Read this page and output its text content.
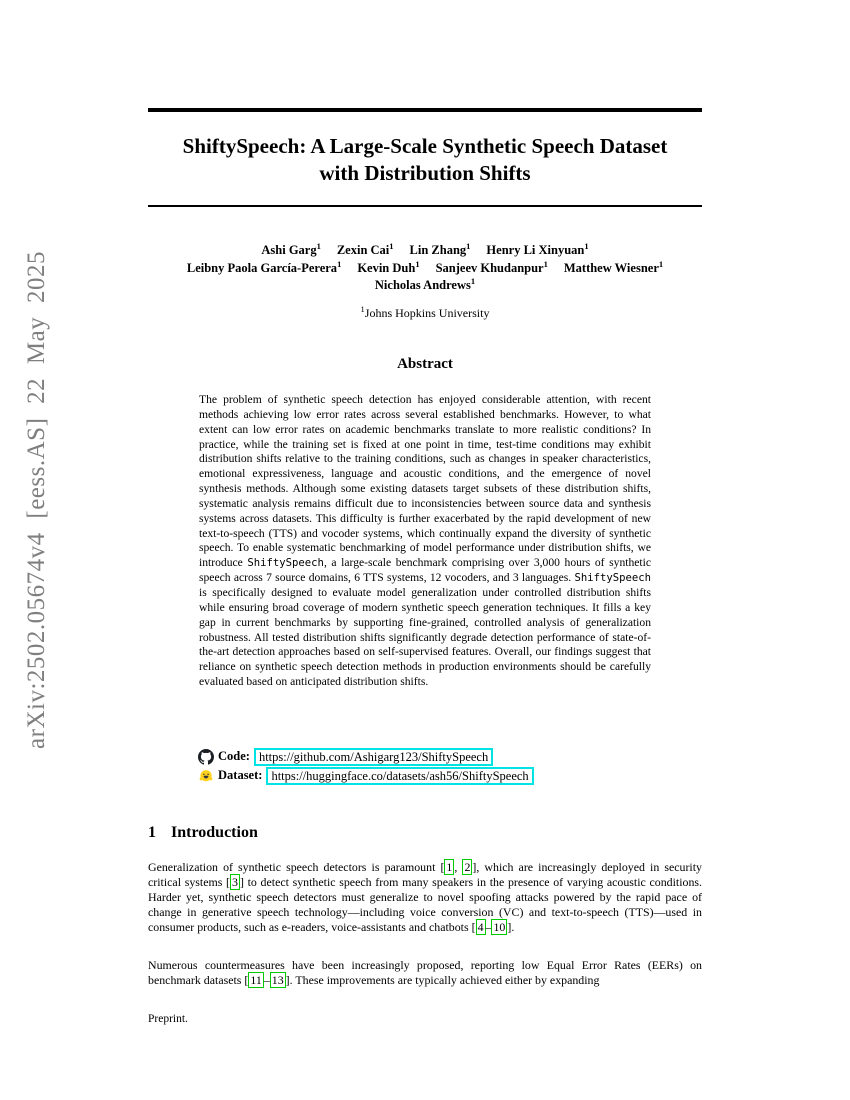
arXiv:2502.05674v4 [eess.AS] 22 May 2025
ShiftySpeech: A Large-Scale Synthetic Speech Dataset
with Distribution Shifts
Ashi Garg$^1$ Zexin Cai$^1$ Lin Zhang$^1$ Henry Li Xinyuan$^1$
Leibny Paola García-Perera$^1$ Kevin Duh$^1$ Sanjeev Khudanpur$^1$ Matthew Wiesner$^1$
Nicholas Andrews$^1$
$^1$Johns Hopkins University
Abstract

The problem of synthetic speech detection has enjoyed considerable attention, with recent methods achieving low error rates across several established benchmarks. However, to what extent can low error rates on academic benchmarks translate to more realistic conditions? In practice, while the training set is fixed at one point in time, test-time conditions may exhibit distribution shifts relative to the training conditions, such as changes in speaker characteristics, emotional expressiveness, language and acoustic conditions, and the emergence of novel synthesis methods. Although some existing datasets target subsets of these distribution shifts, systematic analysis remains difficult due to inconsistencies between source data and synthesis systems across datasets. This difficulty is further exacerbated by the rapid development of new text-to-speech (TTS) and vocoder systems, which continually expand the diversity of synthetic speech. To enable systematic benchmarking of model performance under distribution shifts, we introduce ShiftySpeech, a large-scale benchmark comprising over 3,000 hours of synthetic speech across 7 source domains, 6 TTS systems, 12 vocoders, and 3 languages. ShiftySpeech is specifically designed to evaluate model generalization under controlled distribution shifts while ensuring broad coverage of modern synthetic speech generation techniques. It fills a key gap in current benchmarks by supporting fine-grained, controlled analysis of generalization robustness. All tested distribution shifts significantly degrade detection performance of state-of-the-art detection approaches based on self-supervised features. Overall, our findings suggest that reliance on synthetic speech detection methods in production environments should be carefully evaluated based on anticipated distribution shifts.

Code: https://github.com/Ashigarg123/ShiftySpeech
Dataset: https://huggingface.co/datasets/ash56/ShiftySpeech
1 Introduction

Generalization of synthetic speech detectors is paramount [ 1 , 2 ], which are increasingly deployed in security critical systems [ 3 ] to detect synthetic speech from many speakers in the presence of varying acoustic conditions. Harder yet, synthetic speech detectors must generalize to novel spoofing attacks powered by the rapid pace of change in generative speech technology—including voice conversion (VC) and text-to-speech (TTS)—used in consumer products, such as e-readers, voice-assistants and chatbots [ 4 – 10 ].

Numerous countermeasures have been increasingly proposed, reporting low Equal Error Rates (EERs) on benchmark datasets [ 11 – 13 ]. These improvements are typically achieved either by expanding

Preprint.
